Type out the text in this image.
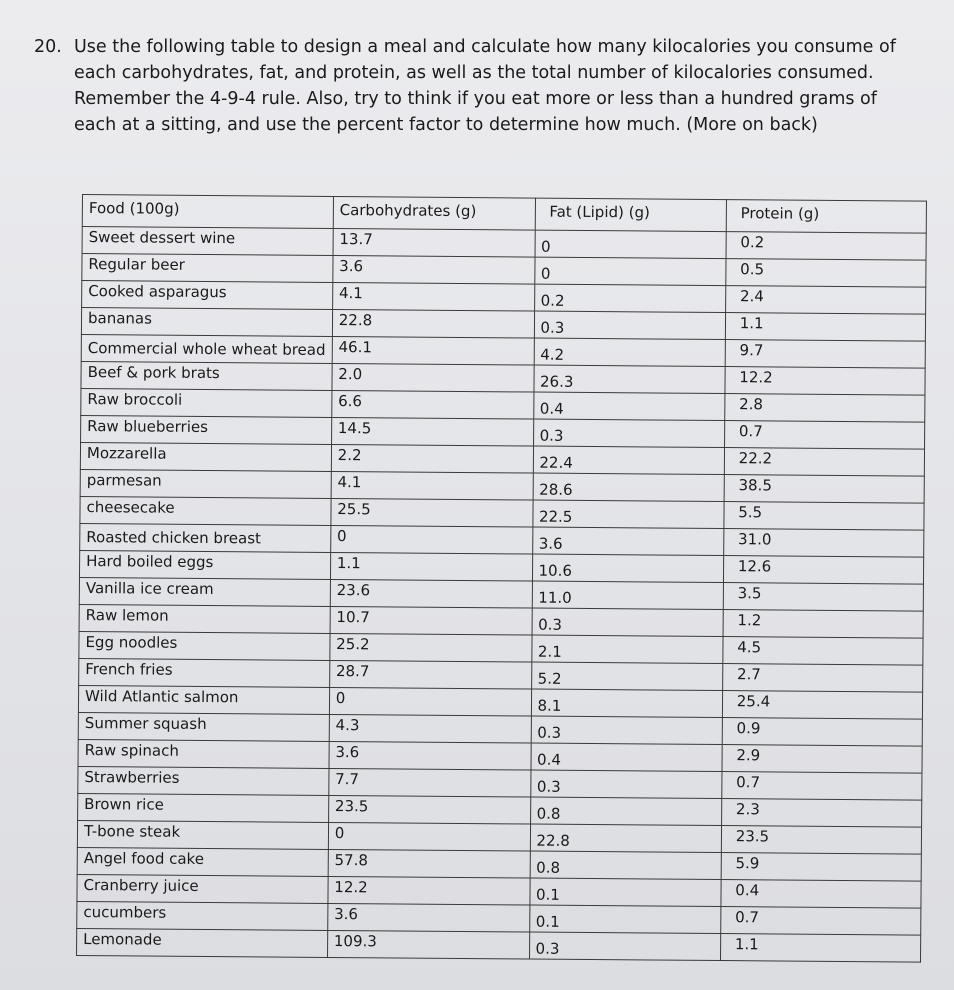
20. Use the following table to design a meal and calculate how many kilocalories you consume of
each carbohydrates, fat, and protein, as well as the total number of kilocalories consumed.
Remember the 4-9-4 rule. Also, try to think if you eat more or less than a hundred grams of
each at a sitting, and use the percent factor to determine how much. (More on back)
Food (100g)	Carbohydrates (g)	Fat (Lipid) (g)	Protein (g)
Sweet dessert wine	13.7	0	0.2
Regular beer	3.6	0	0.5
Cooked asparagus	4.1	0.2	2.4
bananas	22.8	0.3	1.1
Commercial whole wheat bread	46.1	4.2	9.7
Beef & pork brats	2.0	26.3	12.2
Raw broccoli	6.6	0.4	2.8
Raw blueberries	14.5	0.3	0.7
Mozzarella	2.2	22.4	22.2
parmesan	4.1	28.6	38.5
cheesecake	25.5	22.5	5.5
Roasted chicken breast	0	3.6	31.0
Hard boiled eggs	1.1	10.6	12.6
Vanilla ice cream	23.6	11.0	3.5
Raw lemon	10.7	0.3	1.2
Egg noodles	25.2	2.1	4.5
French fries	28.7	5.2	2.7
Wild Atlantic salmon	0	8.1	25.4
Summer squash	4.3	0.3	0.9
Raw spinach	3.6	0.4	2.9
Strawberries	7.7	0.3	0.7
Brown rice	23.5	0.8	2.3
T-bone steak	0	22.8	23.5
Angel food cake	57.8	0.8	5.9
Cranberry juice	12.2	0.1	0.4
cucumbers	3.6	0.1	0.7
Lemonade	109.3	0.3	1.1
